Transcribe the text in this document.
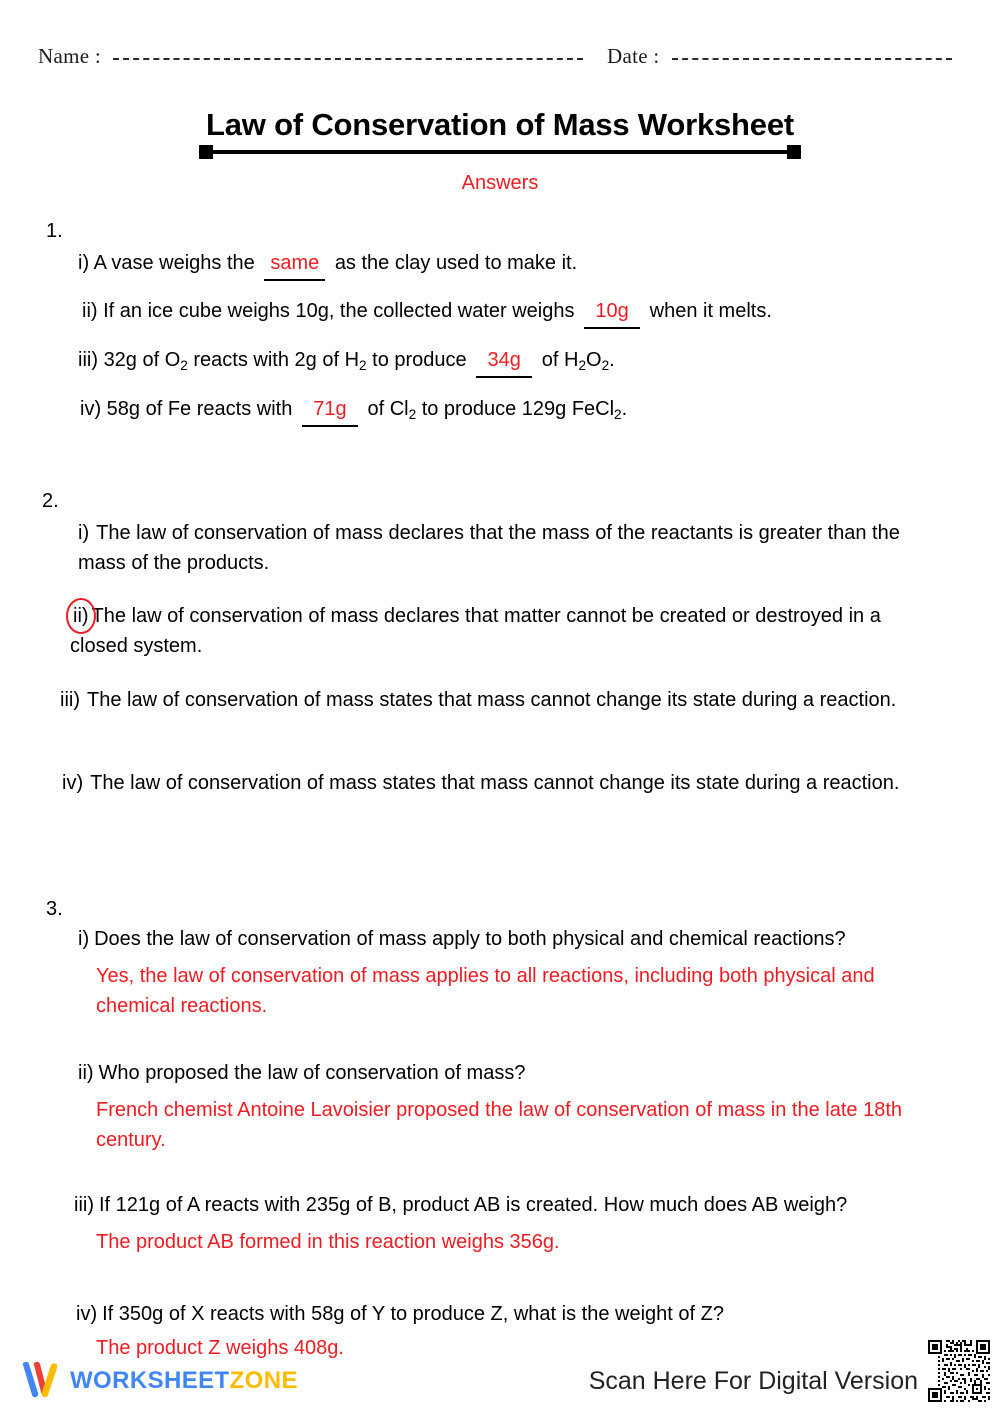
Name :	Date :
Law of Conservation of Mass Worksheet
Answers
1.
i) A vase weighs the same as the clay used to make it.
ii) If an ice cube weighs 10g, the collected water weighs 10g when it melts.
iii) 32g of $O_2$ reacts with 2g of $H_2$ to produce 34g of $H_2O_2$.
iv) 58g of Fe reacts with 71g of $Cl_2$ to produce 129g FeCl$_2$.
2.
i) The law of conservation of mass declares that the mass of the reactants is greater than the mass of the products.
ii) The law of conservation of mass declares that matter cannot be created or destroyed in a closed system.
iii) The law of conservation of mass states that mass cannot change its state during a reaction.
iv) The law of conservation of mass states that mass cannot change its state during a reaction.
3.
i) Does the law of conservation of mass apply to both physical and chemical reactions?
Yes, the law of conservation of mass applies to all reactions, including both physical and chemical reactions.
ii) Who proposed the law of conservation of mass?
French chemist Antoine Lavoisier proposed the law of conservation of mass in the late 18th century.
iii) If 121g of A reacts with 235g of B, product AB is created. How much does AB weigh?
The product AB formed in this reaction weighs 356g.
iv) If 350g of X reacts with 58g of Y to produce Z, what is the weight of Z?
The product Z weighs 408g.
WORKSHEETZONE	Scan Here For Digital Version
